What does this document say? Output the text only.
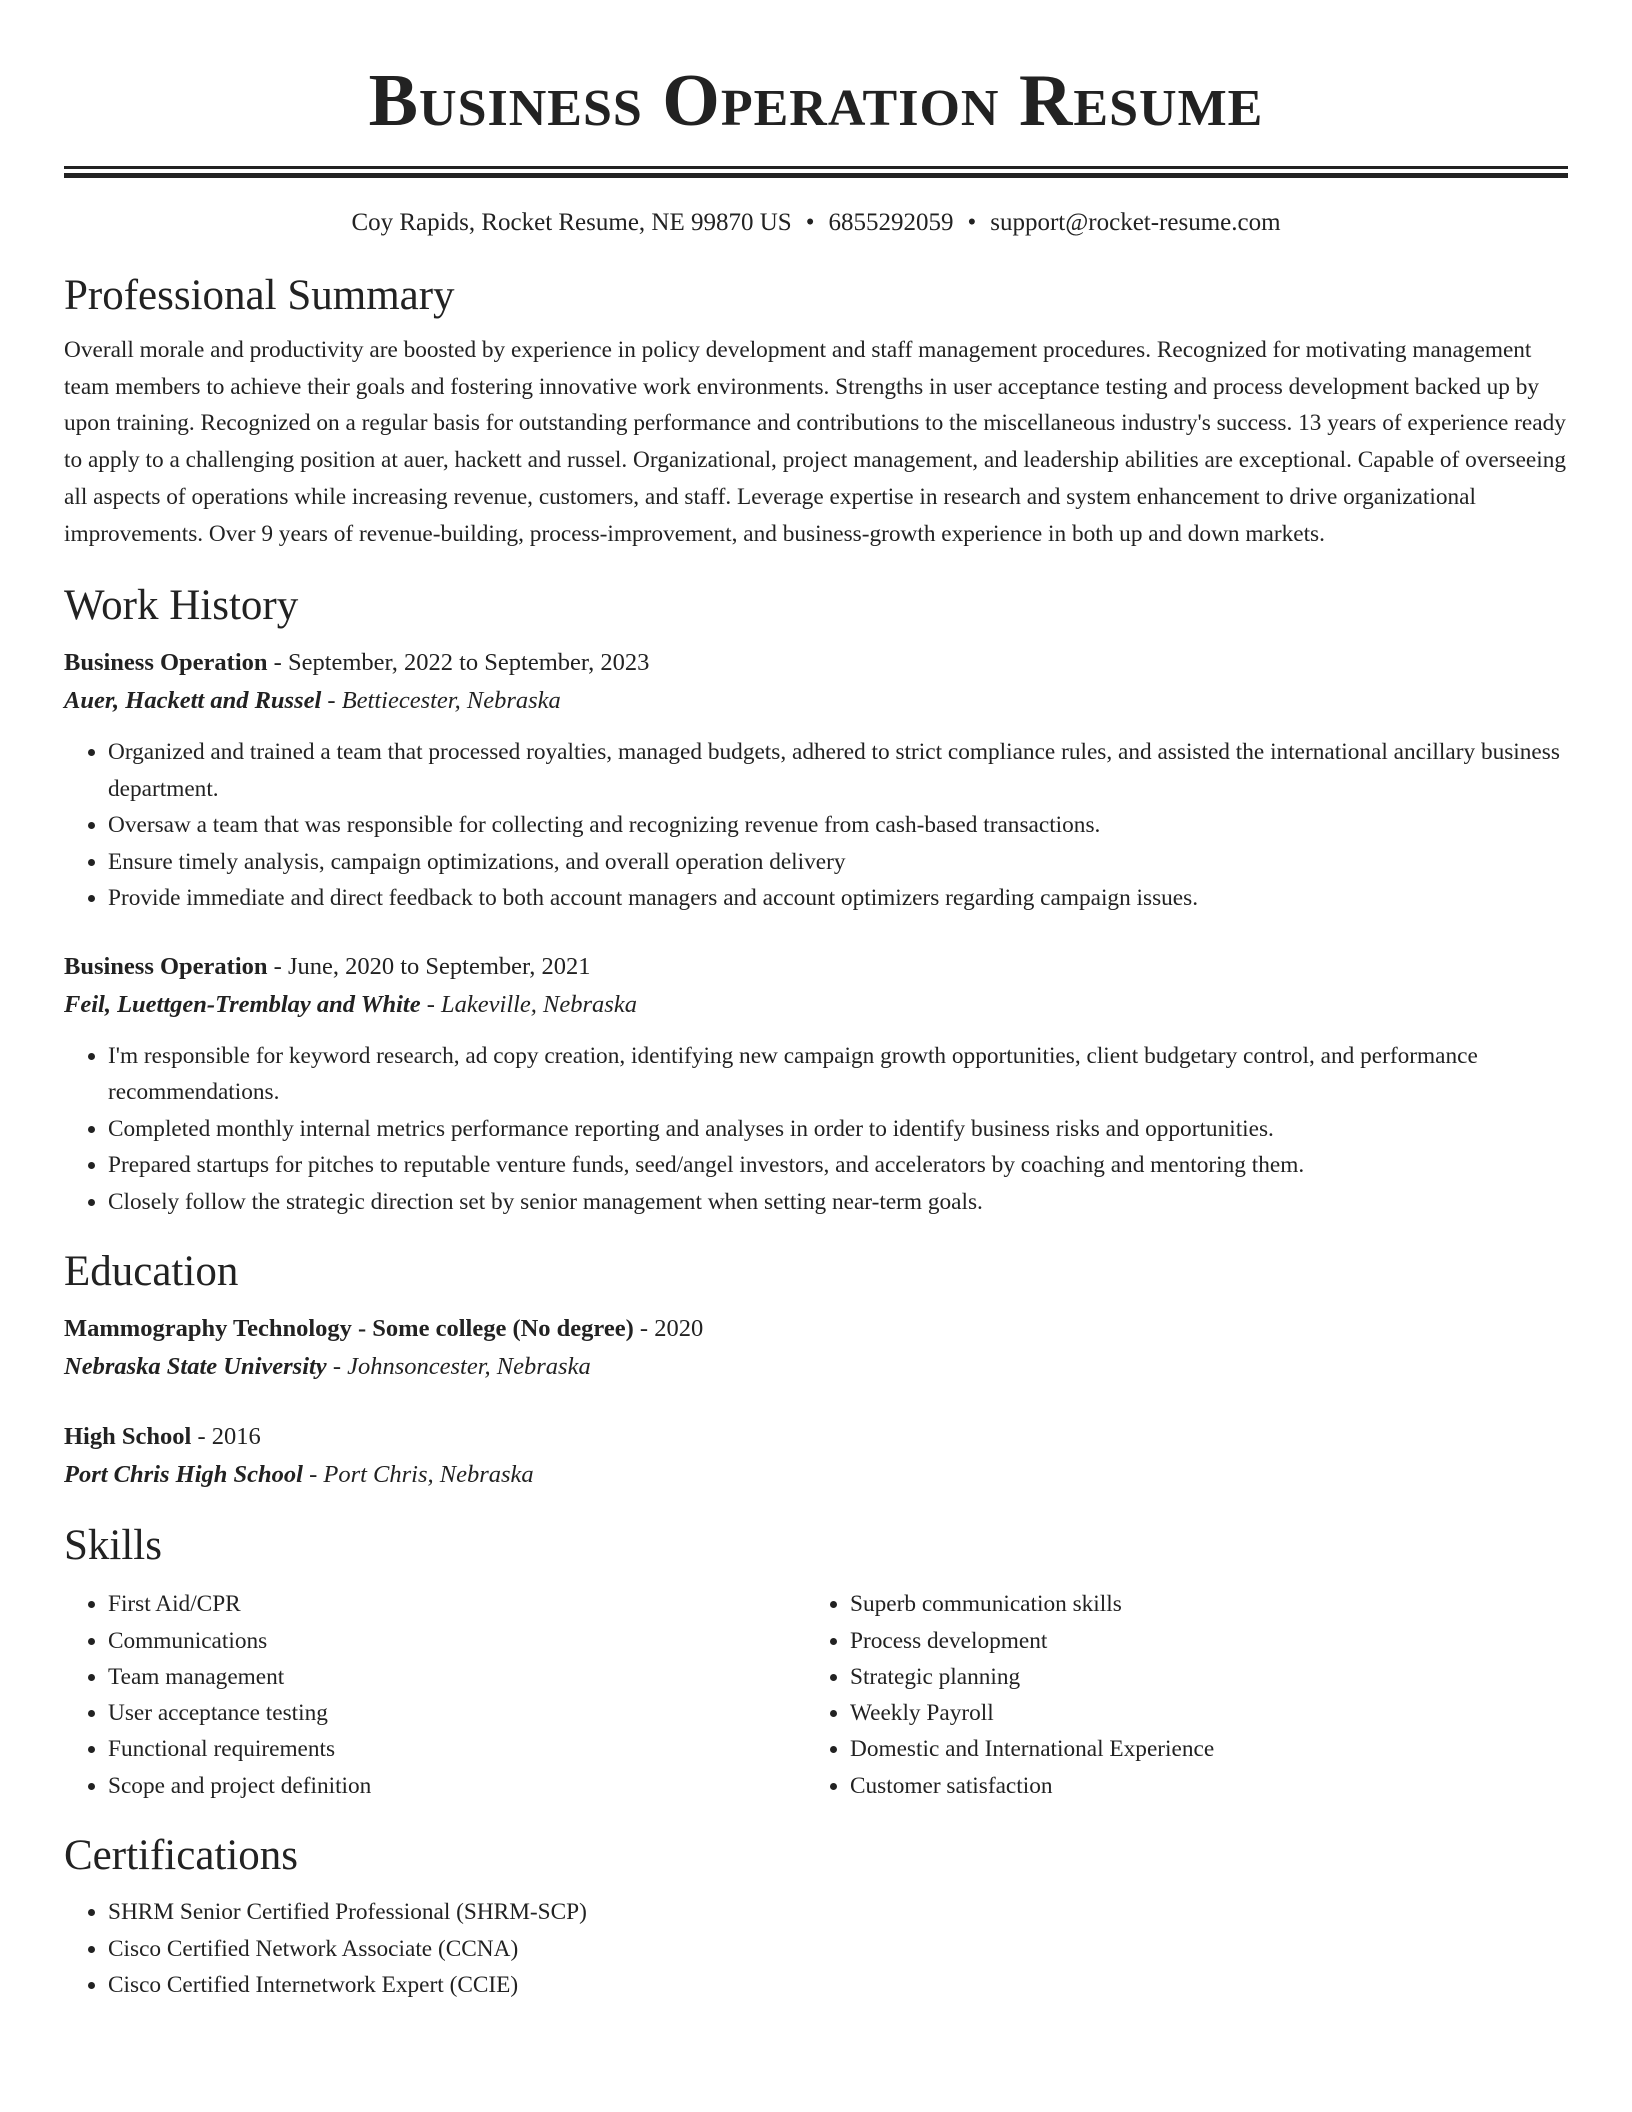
Business Operation Resume
Coy Rapids, Rocket Resume, NE 99870 US • 6855292059 • support@rocket-resume.com
Professional Summary

Overall morale and productivity are boosted by experience in policy development and staff management procedures. Recognized for motivating management team members to achieve their goals and fostering innovative work environments. Strengths in user acceptance testing and process development backed up by upon training. Recognized on a regular basis for outstanding performance and contributions to the miscellaneous industry's success. 13 years of experience ready to apply to a challenging position at auer, hackett and russel. Organizational, project management, and leadership abilities are exceptional. Capable of overseeing all aspects of operations while increasing revenue, customers, and staff. Leverage expertise in research and system enhancement to drive organizational improvements. Over 9 years of revenue-building, process-improvement, and business-growth experience in both up and down markets.

Work History
Business Operation - September, 2022 to September, 2023
Auer, Hackett and Russel - Bettiecester, Nebraska
• Organized and trained a team that processed royalties, managed budgets, adhered to strict compliance rules, and assisted the international ancillary business department.
• Oversaw a team that was responsible for collecting and recognizing revenue from cash-based transactions.
• Ensure timely analysis, campaign optimizations, and overall operation delivery
• Provide immediate and direct feedback to both account managers and account optimizers regarding campaign issues.
Business Operation - June, 2020 to September, 2021
Feil, Luettgen-Tremblay and White - Lakeville, Nebraska
• I'm responsible for keyword research, ad copy creation, identifying new campaign growth opportunities, client budgetary control, and performance recommendations.
• Completed monthly internal metrics performance reporting and analyses in order to identify business risks and opportunities.
• Prepared startups for pitches to reputable venture funds, seed/angel investors, and accelerators by coaching and mentoring them.
• Closely follow the strategic direction set by senior management when setting near-term goals.
Education
Mammography Technology - Some college (No degree) - 2020
Nebraska State University - Johnsoncester, Nebraska
High School - 2016
Port Chris High School - Port Chris, Nebraska
Skills
• First Aid/CPR
• Communications
• Team management
• User acceptance testing
• Functional requirements
• Scope and project definition
• Superb communication skills
• Process development
• Strategic planning
• Weekly Payroll
• Domestic and International Experience
• Customer satisfaction
Certifications
• SHRM Senior Certified Professional (SHRM-SCP)
• Cisco Certified Network Associate (CCNA)
• Cisco Certified Internetwork Expert (CCIE)
